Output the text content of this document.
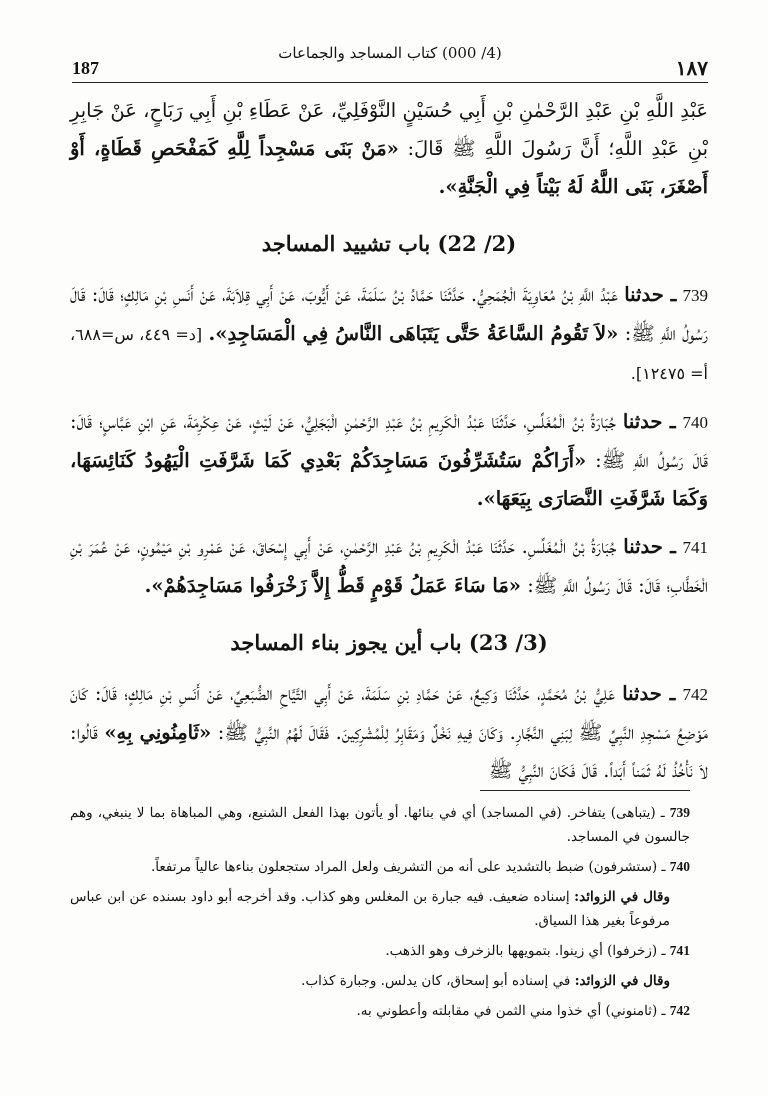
187
(4/ 000) كتاب المساجد والجماعات
١٨٧

عَبْدِ اللَّهِ بْنِ عَبْدِ الرَّحْمٰنِ بْنِ أَبِي حُسَيْنٍ النَّوْفَلِيِّ، عَنْ عَطَاءِ بْنِ أَبِي رَبَاحٍ، عَنْ جَابِرِ بْنِ عَبْدِ اللَّهِ؛ أَنَّ رَسُولَ اللَّهِ ﷺ قَالَ: «مَنْ بَنَى مَسْجِداً لِلَّهِ كَمَفْحَصِ قَطَاةٍ، أَوْ أَصْغَرَ، بَنَى اللَّهُ لَهُ بَيْتاً فِي الْجَنَّةِ».

(2/ 22) باب تشييد المساجد

739 ـ حدثنا عَبْدُ اللَّهِ بْنُ مُعَاوِيَةَ الْجُمَحِيُّ. حَدَّثَنَا حَمَّادُ بْنُ سَلَمَةَ، عَنْ أَيُّوبَ، عَنْ أَبِي قِلاَبَةَ، عَنْ أَنَسِ بْنِ مَالِكٍ؛ قَالَ: قَالَ رَسُولُ اللَّهِ ﷺ: «لاَ تَقُومُ السَّاعَةُ حَتَّى يَتَبَاهَى النَّاسُ فِي الْمَسَاجِدِ». [د= ٤٤٩، س=٦٨٨، أ= ١٢٤٧٥].

740 ـ حدثنا جُبَارَةُ بْنُ الْمُغَلِّسِ، حَدَّثَنَا عَبْدُ الْكَرِيمِ بْنُ عَبْدِ الرَّحْمٰنِ الْبَجَلِيُّ، عَنْ لَيْثٍ، عَنْ عِكْرِمَةَ، عَنِ ابْنِ عَبَّاسٍ؛ قَالَ: قَالَ رَسُولُ اللَّهِ ﷺ: «أَرَاكُمْ سَتُشَرِّفُونَ مَسَاجِدَكُمْ بَعْدِي كَمَا شَرَّفَتِ الْيَهُودُ كَنَائِسَهَا، وَكَمَا شَرَّفَتِ النَّصَارَى بِيَعَهَا».

741 ـ حدثنا جُبَارَةُ بْنُ الْمُغَلِّسِ. حَدَّثَنَا عَبْدُ الْكَرِيمِ بْنُ عَبْدِ الرَّحْمٰنِ، عَنْ أَبِي إِسْحَاقَ، عَنْ عَمْرِو بْنِ مَيْمُونٍ، عَنْ عُمَرَ بْنِ الْخَطَّابِ؛ قَالَ: قَالَ رَسُولُ اللَّهِ ﷺ: «مَا سَاءَ عَمَلُ قَوْمٍ قَطُّ إِلاَّ زَخْرَفُوا مَسَاجِدَهُمْ».

(3/ 23) باب أين يجوز بناء المساجد

742 ـ حدثنا عَلِيُّ بْنُ مُحَمَّدٍ، حَدَّثَنَا وَكِيعٌ، عَنْ حَمَّادِ بْنِ سَلَمَةَ، عَنْ أَبِي التَّيَّاحِ الضُّبَعِيِّ، عَنْ أَنَسِ بْنِ مَالِكٍ؛ قَالَ: كَانَ مَوْضِعُ مَسْجِدِ النَّبِيِّ ﷺ لِبَنِي النَّجَّارِ. وَكَانَ فِيهِ نَخْلٌ وَمَقَابِرُ لِلْمُشْرِكِينَ. فَقَالَ لَهُمُ النَّبِيُّ ﷺ: «ثَامِنُونِي بِهِ» قَالُوا: لاَ نَأْخُذُ لَهُ ثَمَناً أَبَداً. قَالَ فَكَانَ النَّبِيُّ ﷺ

739 ـ (يتباهى) يتفاخر. (في المساجد) أي في بنائها. أو يأتون بهذا الفعل الشنيع، وهي المباهاة بما لا ينبغي، وهم جالسون في المساجد.

740 ـ (ستشرفون) ضبط بالتشديد على أنه من التشريف ولعل المراد ستجعلون بناءها عالياً مرتفعاً.

وقال في الزوائد: إسناده ضعيف. فيه جبارة بن المغلس وهو كذاب. وقد أخرجه أبو داود بسنده عن ابن عباس مرفوعاً بغير هذا السياق.

741 ـ (زخرفوا) أي زينوا. بتمويهها بالزخرف وهو الذهب.

وقال في الزوائد: في إسناده أبو إسحاق، كان يدلس. وجبارة كذاب.

742 ـ (ثامنوني) أي خذوا مني الثمن في مقابلته وأعطوني به.
